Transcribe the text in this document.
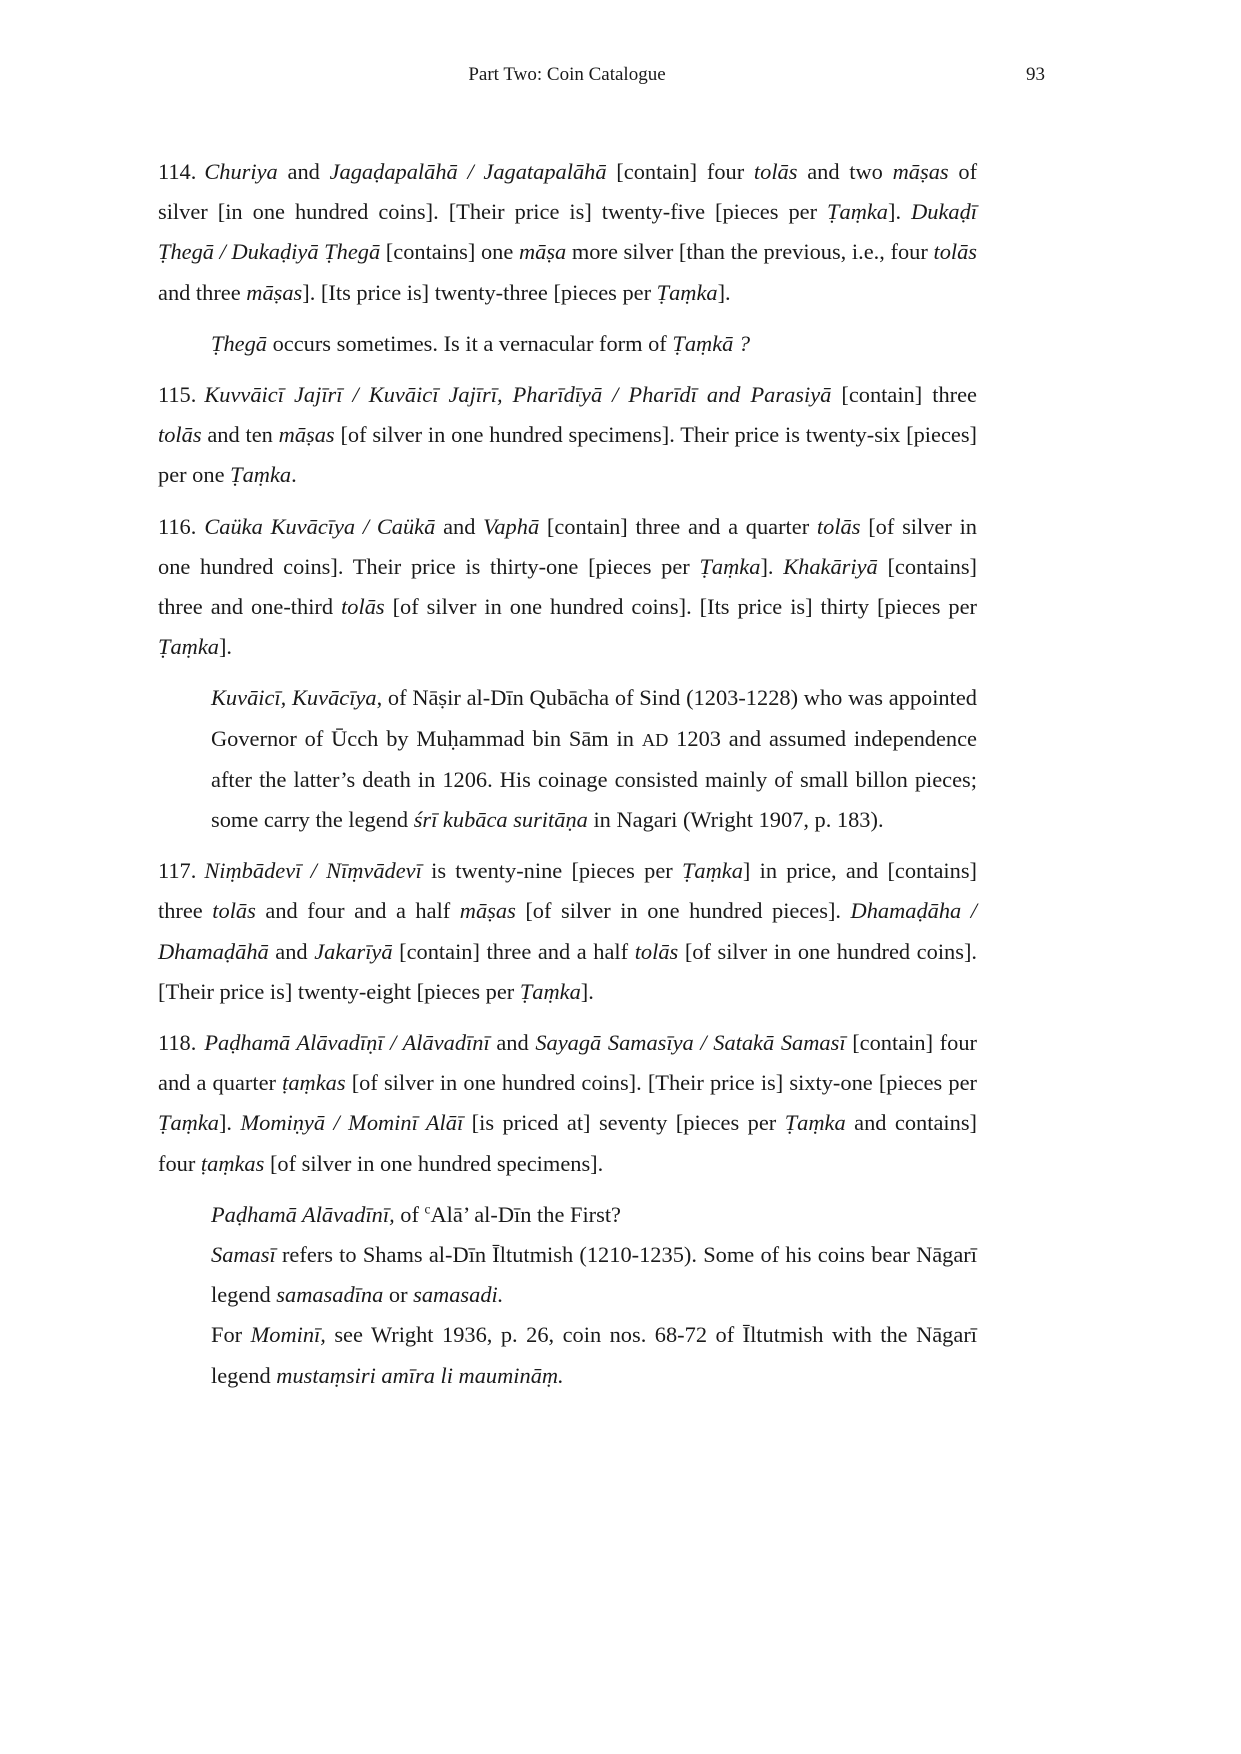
Part Two: Coin Catalogue	93

114. Churiya and Jagaḍapalāhā / Jagatapalāhā [contain] four tolās and two māṣas of silver [in one hundred coins]. [Their price is] twenty-five [pieces per Ṭaṃka]. Dukaḍī Ṭhegā / Dukaḍiyā Ṭhegā [contains] one māṣa more silver [than the previous, i.e., four tolās and three māṣas]. [Its price is] twenty-three [pieces per Ṭaṃka].

Ṭhegā occurs sometimes. Is it a vernacular form of Ṭaṃkā ?

115. Kuvvāicī Jajīrī / Kuvāicī Jajīrī, Pharīdīyā / Pharīdī and Parasiyā [contain] three tolās and ten māṣas [of silver in one hundred specimens]. Their price is twenty-six [pieces] per one Ṭaṃka.

116. Caüka Kuvācīya / Caükā and Vaphā [contain] three and a quarter tolās [of silver in one hundred coins]. Their price is thirty-one [pieces per Ṭaṃka]. Khakāriyā [contains] three and one-third tolās [of silver in one hundred coins]. [Its price is] thirty [pieces per Ṭaṃka].

Kuvāicī, Kuvācīya, of Nāṣir al-Dīn Qubācha of Sind (1203-1228) who was appointed Governor of Ūcch by Muḥammad bin Sām in AD 1203 and assumed independence after the latter’s death in 1206. His coinage consisted mainly of small billon pieces; some carry the legend śrī kubāca suritāṇa in Nagari (Wright 1907, p. 183).

117. Niṃbādevī / Nīṃvādevī is twenty-nine [pieces per Ṭaṃka] in price, and [contains] three tolās and four and a half māṣas [of silver in one hundred pieces]. Dhamaḍāha / Dhamaḍāhā and Jakarīyā [contain] three and a half tolās [of silver in one hundred coins]. [Their price is] twenty-eight [pieces per Ṭaṃka].

118. Paḍhamā Alāvadīṇī / Alāvadīnī and Sayagā Samasīya / Satakā Samasī [contain] four and a quarter ṭaṃkas [of silver in one hundred coins]. [Their price is] sixty-one [pieces per Ṭaṃka]. Momiṇyā / Mominī Alāī [is priced at] seventy [pieces per Ṭaṃka and contains] four ṭaṃkas [of silver in one hundred specimens].

Paḍhamā Alāvadīnī, of $^c$Alā’ al-Dīn the First?

Samasī refers to Shams al-Dīn Īltutmish (1210-1235). Some of his coins bear Nāgarī legend samasadīna or samasadi.

For Mominī, see Wright 1936, p. 26, coin nos. 68-72 of Īltutmish with the Nāgarī legend mustaṃsiri amīra li maumināṃ.
